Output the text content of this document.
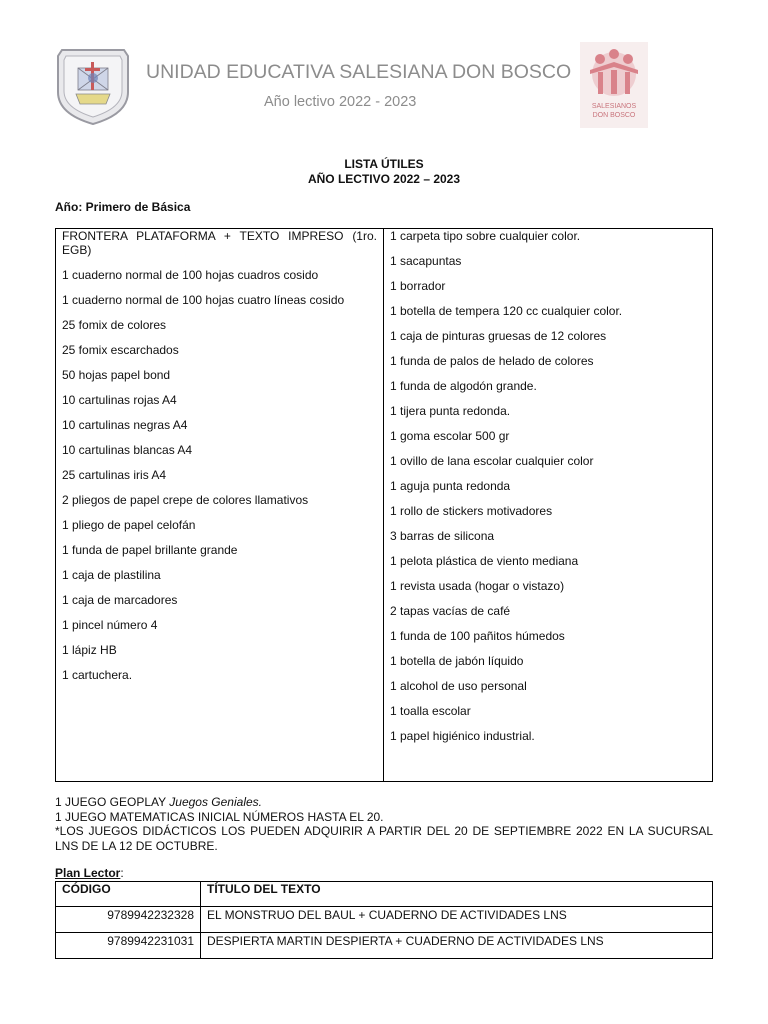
SALESIANOS
DON BOSCO
UNIDAD EDUCATIVA SALESIANA DON BOSCO
Año lectivo 2022 - 2023
LISTA ÚTILES
AÑO LECTIVO 2022 – 2023
Año: Primero de Básica
FRONTERA PLATAFORMA + TEXTO IMPRESO (1ro. EGB)
1 cuaderno normal de 100 hojas cuadros cosido
1 cuaderno normal de 100 hojas cuatro líneas cosido
25 fomix de colores
25 fomix escarchados
50 hojas papel bond
10 cartulinas rojas A4
10 cartulinas negras A4
10 cartulinas blancas A4
25 cartulinas iris A4
2 pliegos de papel crepe de colores llamativos
1 pliego de papel celofán
1 funda de papel brillante grande
1 caja de plastilina
1 caja de marcadores
1 pincel número 4
1 lápiz HB
1 cartuchera.
1 carpeta tipo sobre cualquier color.
1 sacapuntas
1 borrador
1 botella de tempera 120 cc cualquier color.
1 caja de pinturas gruesas de 12 colores
1 funda de palos de helado de colores
1 funda de algodón grande.
1 tijera punta redonda.
1 goma escolar 500 gr
1 ovillo de lana escolar cualquier color
1 aguja punta redonda
1 rollo de stickers motivadores
3 barras de silicona
1 pelota plástica de viento mediana
1 revista usada (hogar o vistazo)
2 tapas vacías de café
1 funda de 100 pañitos húmedos
1 botella de jabón líquido
1 alcohol de uso personal
1 toalla escolar
1 papel higiénico industrial.
1 JUEGO GEOPLAY Juegos Geniales.
1 JUEGO MATEMATICAS INICIAL NÚMEROS HASTA EL 20.
*LOS JUEGOS DIDÁCTICOS LOS PUEDEN ADQUIRIR A PARTIR DEL 20 DE SEPTIEMBRE 2022 EN LA SUCURSAL LNS DE LA 12 DE OCTUBRE.
Plan Lector:
CÓDIGO	TÍTULO DEL TEXTO
9789942232328	EL MONSTRUO DEL BAUL + CUADERNO DE ACTIVIDADES LNS
9789942231031	DESPIERTA MARTIN DESPIERTA + CUADERNO DE ACTIVIDADES LNS
